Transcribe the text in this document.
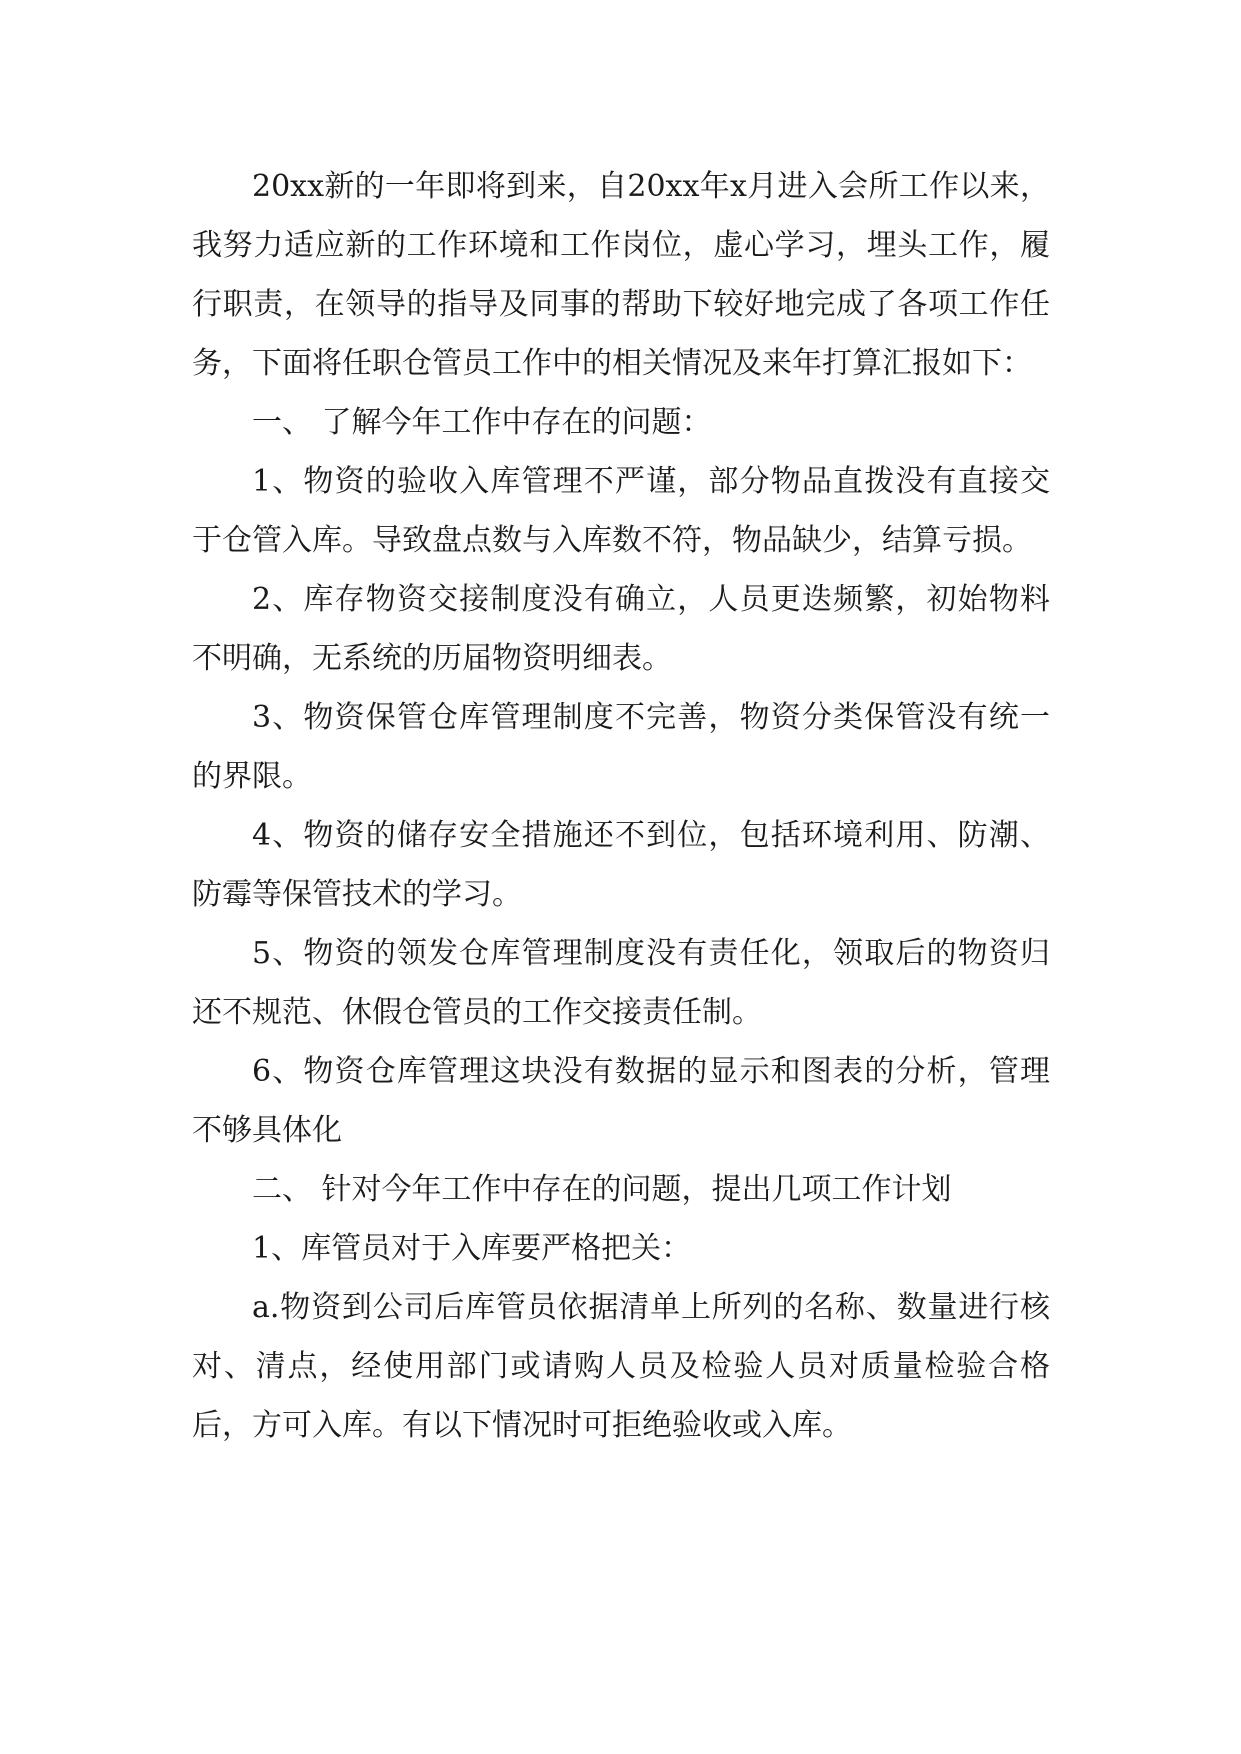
20xx新的一年即将到来，自20xx年x月进入会所工作以来，我努力适应新的工作环境和工作岗位，虚心学习，埋头工作，履行职责，在领导的指导及同事的帮助下较好地完成了各项工作任务，下面将任职仓管员工作中的相关情况及来年打算汇报如下：

一、 了解今年工作中存在的问题：

1、物资的验收入库管理不严谨，部分物品直拨没有直接交于仓管入库。导致盘点数与入库数不符，物品缺少，结算亏损。

2、库存物资交接制度没有确立，人员更迭频繁，初始物料不明确，无系统的历届物资明细表。

3、物资保管仓库管理制度不完善，物资分类保管没有统一的界限。

4、物资的储存安全措施还不到位，包括环境利用、防潮、防霉等保管技术的学习。

5、物资的领发仓库管理制度没有责任化，领取后的物资归还不规范、休假仓管员的工作交接责任制。

6、物资仓库管理这块没有数据的显示和图表的分析，管理不够具体化

二、 针对今年工作中存在的问题，提出几项工作计划

1、库管员对于入库要严格把关：

a.物资到公司后库管员依据清单上所列的名称、数量进行核对、清点，经使用部门或请购人员及检验人员对质量检验合格后，方可入库。有以下情况时可拒绝验收或入库。
